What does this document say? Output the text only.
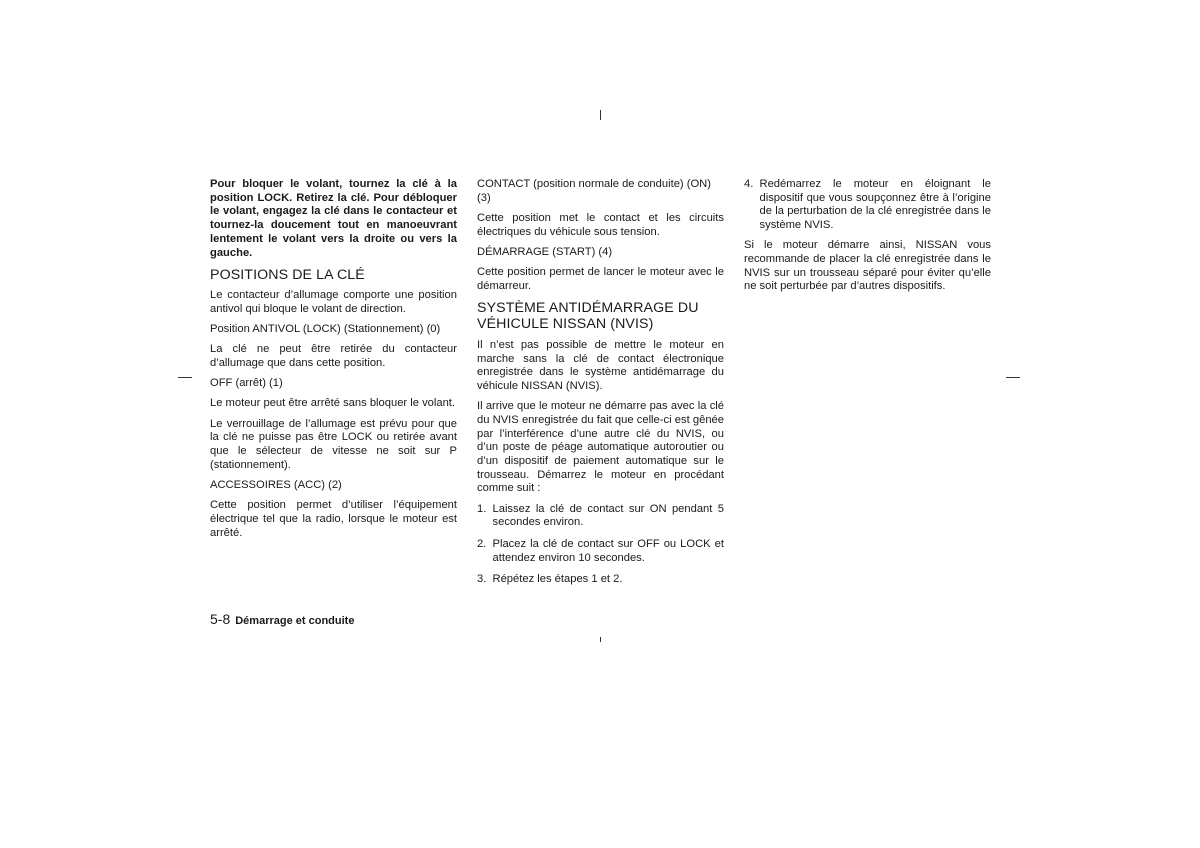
Pour bloquer le volant, tournez la clé à la position LOCK. Retirez la clé. Pour débloquer le volant, engagez la clé dans le contacteur et tournez-la doucement tout en manoeuvrant lentement le volant vers la droite ou vers la gauche.

POSITIONS DE LA CLÉ

Le contacteur d’allumage comporte une position antivol qui bloque le volant de direction.

Position ANTIVOL (LOCK) (Stationnement) (0)

La clé ne peut être retirée du contacteur d’allumage que dans cette position.

OFF (arrêt) (1)

Le moteur peut être arrêté sans bloquer le volant.

Le verrouillage de l’allumage est prévu pour que la clé ne puisse pas être LOCK ou retirée avant que le sélecteur de vitesse ne soit sur P (stationnement).

ACCESSOIRES (ACC) (2)

Cette position permet d’utiliser l’équipement électrique tel que la radio, lorsque le moteur est arrêté.

CONTACT (position normale de conduite) (ON) (3)

Cette position met le contact et les circuits électriques du véhicule sous tension.

DÉMARRAGE (START) (4)

Cette position permet de lancer le moteur avec le démarreur.

SYSTÈME ANTIDÉMARRAGE DU VÉHICULE NISSAN (NVIS)

Il n’est pas possible de mettre le moteur en marche sans la clé de contact électronique enregistrée dans le système antidémarrage du véhicule NISSAN (NVIS).

Il arrive que le moteur ne démarre pas avec la clé du NVIS enregistrée du fait que celle-ci est gênée par l’interférence d’une autre clé du NVIS, ou d’un poste de péage automatique autoroutier ou d’un dispositif de paiement automatique sur le trousseau. Démarrez le moteur en procédant comme suit :

1. Laissez la clé de contact sur ON pendant 5 secondes environ.
2. Placez la clé de contact sur OFF ou LOCK et attendez environ 10 secondes.
3. Répétez les étapes 1 et 2.
4. Redémarrez le moteur en éloignant le dispositif que vous soupçonnez être à l’origine de la perturbation de la clé enregistrée dans le système NVIS.

Si le moteur démarre ainsi, NISSAN vous recommande de placer la clé enregistrée dans le NVIS sur un trousseau séparé pour éviter qu’elle ne soit perturbée par d’autres dispositifs.

5-8 Démarrage et conduite
